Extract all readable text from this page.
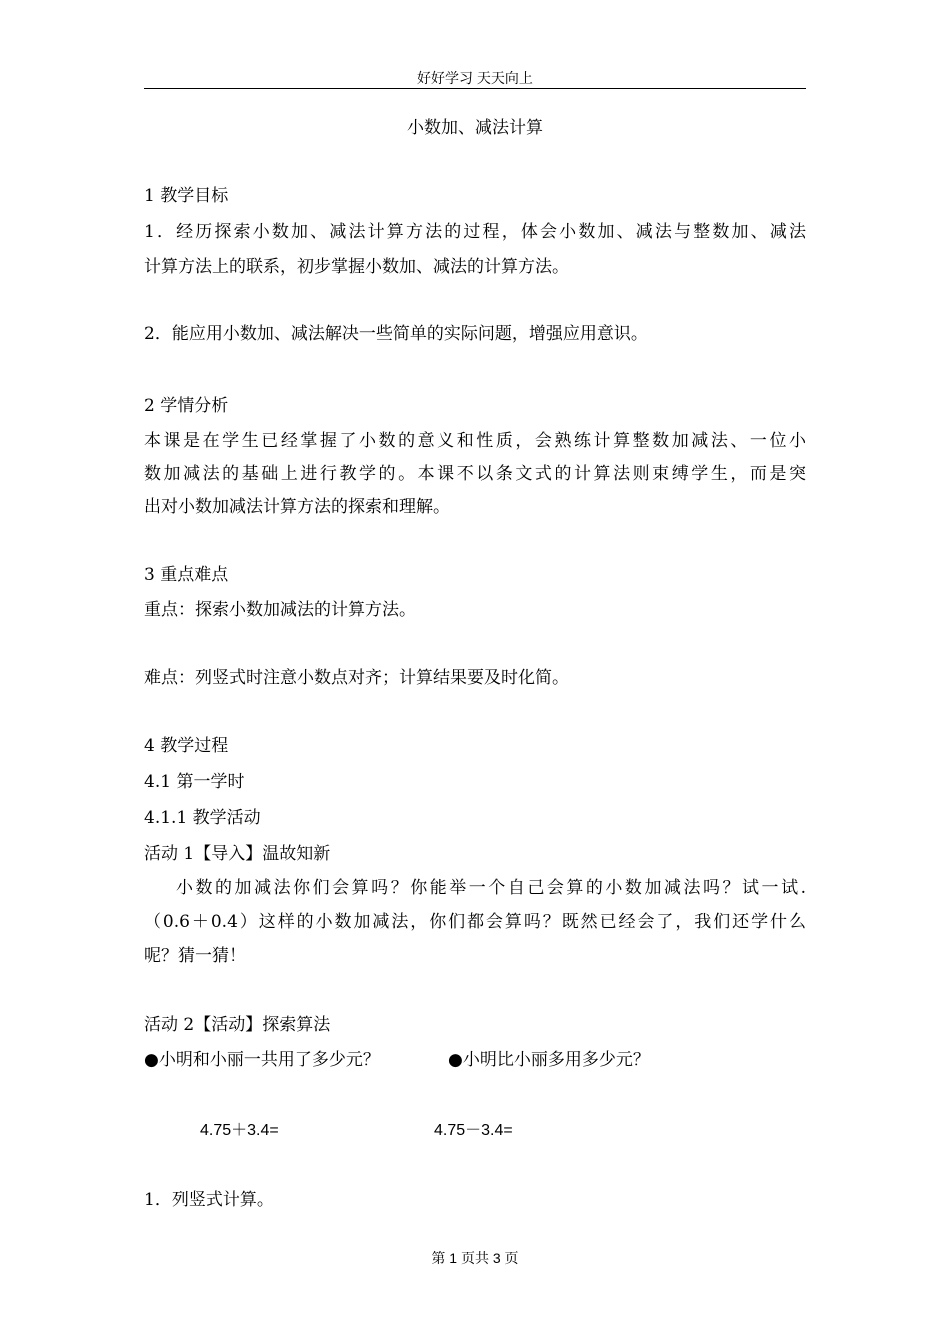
好好学习 天天向上
小数加、减法计算
1 教学目标
1．经历探索小数加、减法计算方法的过程，体会小数加、减法与整数加、减法
计算方法上的联系，初步掌握小数加、减法的计算方法。
2．能应用小数加、减法解决一些简单的实际问题，增强应用意识。
2 学情分析
本课是在学生已经掌握了小数的意义和性质，会熟练计算整数加减法、一位小
数加减法的基础上进行教学的。本课不以条文式的计算法则束缚学生，而是突
出对小数加减法计算方法的探索和理解。
3 重点难点
重点：探索小数加减法的计算方法。
难点：列竖式时注意小数点对齐；计算结果要及时化简。
4 教学过程
4.1 第一学时
4.1.1 教学活动
活动 1【导入】温故知新
小数的加减法你们会算吗？你能举一个自己会算的小数加减法吗？试一试.
（0.6＋0.4）这样的小数加减法，你们都会算吗？既然已经会了，我们还学什么
呢？猜一猜！
活动 2【活动】探索算法
●小明和小丽一共用了多少元？	●小明比小丽多用多少元？
4.75＋3.4=	4.75－3.4=
1．列竖式计算。
第 1 页共 3 页
